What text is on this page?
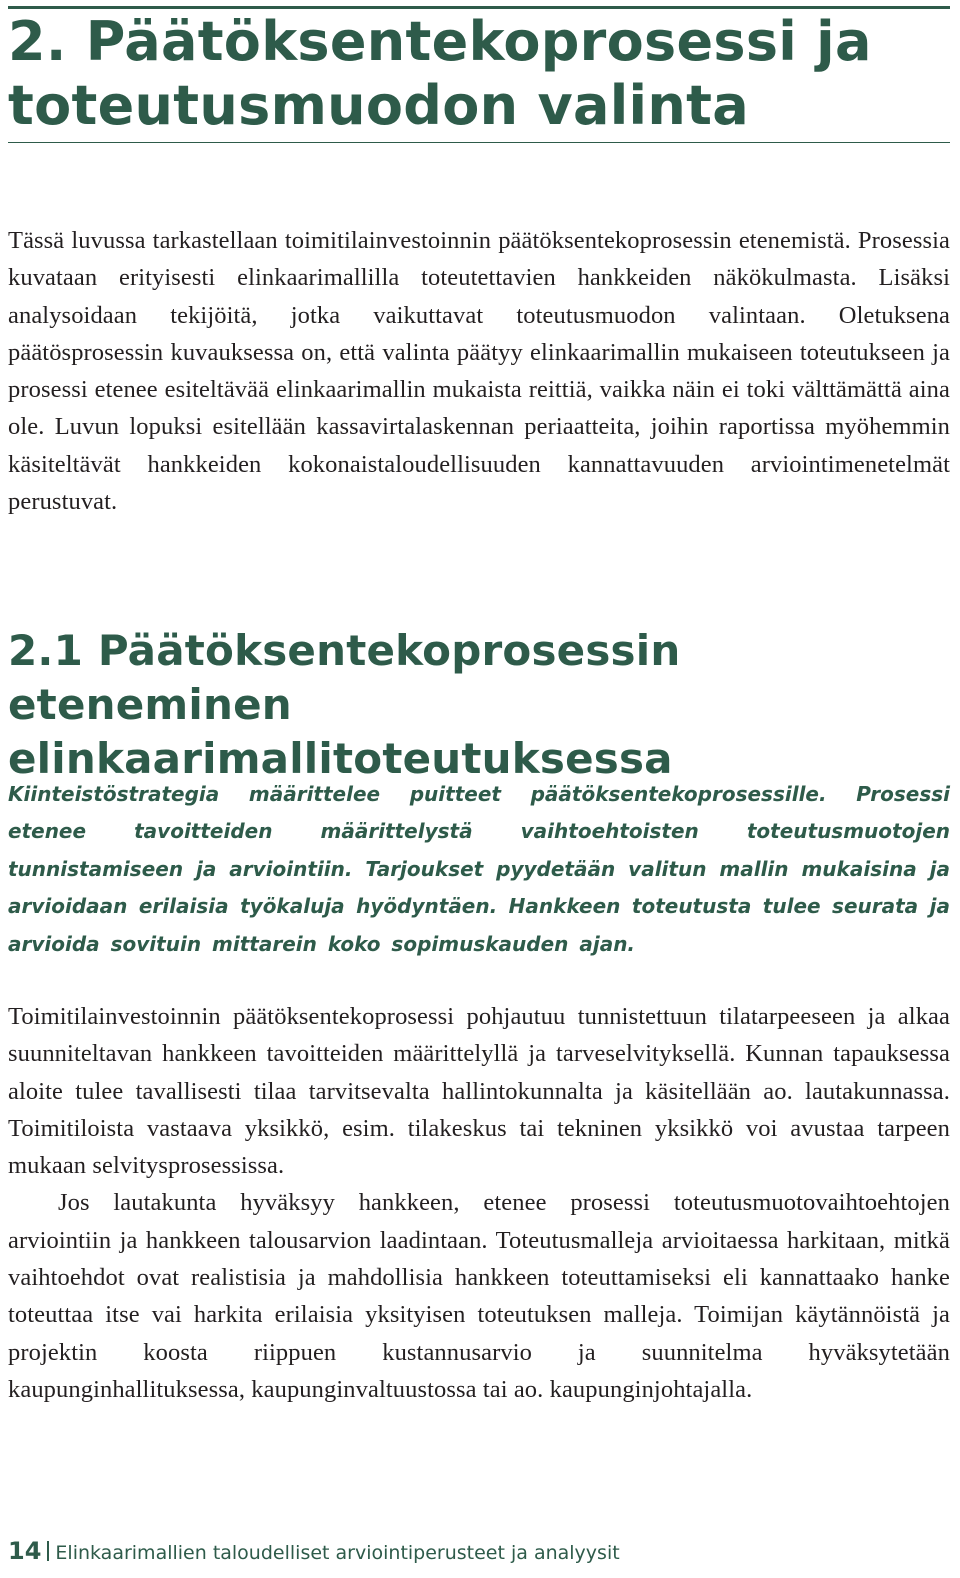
2. Päätöksentekoprosessi ja toteutusmuodon valinta

Tässä luvussa tarkastellaan toimitilainvestoinnin päätöksentekoprosessin etenemistä. Prosessia kuvataan erityisesti elinkaarimallilla toteutettavien hankkeiden näkökulmasta. Lisäksi analysoidaan tekijöitä, jotka vaikuttavat toteutusmuodon valintaan. Oletuksena päätösprosessin kuvauksessa on, että valinta päätyy elinkaarimallin mukaiseen toteutukseen ja prosessi etenee esiteltävää elinkaarimallin mukaista reittiä, vaikka näin ei toki välttämättä aina ole. Luvun lopuksi esitellään kassavirtalaskennan periaatteita, joihin raportissa myöhemmin käsiteltävät hankkeiden kokonaistaloudellisuuden kannattavuuden arviointimenetelmät perustuvat.

2.1 Päätöksentekoprosessin eteneminen elinkaarimallitoteutuksessa

Kiinteistöstrategia määrittelee puitteet päätöksentekoprosessille. Prosessi etenee tavoitteiden määrittelystä vaihtoehtoisten toteutusmuotojen tunnistamiseen ja arviointiin. Tarjoukset pyydetään valitun mallin mukaisina ja arvioidaan erilaisia työkaluja hyödyntäen. Hankkeen toteutusta tulee seurata ja arvioida sovituin mittarein koko sopimuskauden ajan.

Toimitilainvestoinnin päätöksentekoprosessi pohjautuu tunnistettuun tilatarpeeseen ja alkaa suunniteltavan hankkeen tavoitteiden määrittelyllä ja tarveselvityksellä. Kunnan tapauksessa aloite tulee tavallisesti tilaa tarvitsevalta hallintokunnalta ja käsitellään ao. lautakunnassa. Toimitiloista vastaava yksikkö, esim. tilakeskus tai tekninen yksikkö voi avustaa tarpeen mukaan selvitysprosessissa.

Jos lautakunta hyväksyy hankkeen, etenee prosessi toteutusmuotovaihtoehtojen arviointiin ja hankkeen talousarvion laadintaan. Toteutusmalleja arvioitaessa harkitaan, mitkä vaihtoehdot ovat realistisia ja mahdollisia hankkeen toteuttamiseksi eli kannattaako hanke toteuttaa itse vai harkita erilaisia yksityisen toteutuksen malleja. Toimijan käytännöistä ja projektin koosta riippuen kustannusarvio ja suunnitelma hyväksytetään kaupunginhallituksessa, kaupunginvaltuustossa tai ao. kaupunginjohtajalla.

14 Elinkaarimallien taloudelliset arviointiperusteet ja analyysit
